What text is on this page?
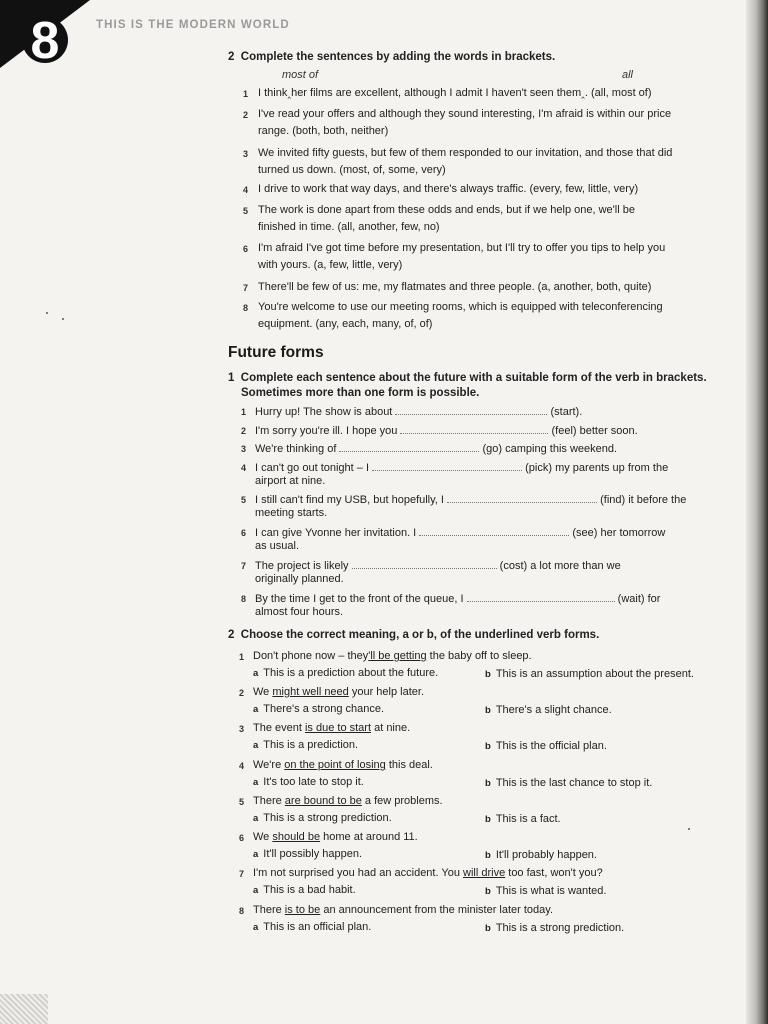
8	THIS IS THE MODERN WORLD
2 Complete the sentences by adding the words in brackets.
most of	all
1 I think‸her films are excellent, although I admit I haven't seen them‸. (all, most of)
2 I've read your offers and although they sound interesting, I'm afraid is within our price
range. (both, both, neither)
3 We invited fifty guests, but few of them responded to our invitation, and those that did
turned us down. (most, of, some, very)
4 I drive to work that way days, and there's always traffic. (every, few, little, very)
5 The work is done apart from these odds and ends, but if we help one, we'll be
finished in time. (all, another, few, no)
6 I'm afraid I've got time before my presentation, but I'll try to offer you tips to help you
with yours. (a, few, little, very)
7 There'll be few of us: me, my flatmates and three people. (a, another, both, quite)
8 You're welcome to use our meeting rooms, which is equipped with teleconferencing
equipment. (any, each, many, of, of)
Future forms
1 Complete each sentence about the future with a suitable form of the verb in brackets.
Sometimes more than one form is possible.
1 Hurry up! The show is about	(start).
2 I'm sorry you're ill. I hope you	(feel) better soon.
3 We're thinking of	(go) camping this weekend.
4 I can't go out tonight – I	(pick) my parents up from the
airport at nine.
5 I still can't find my USB, but hopefully, I	(find) it before the
meeting starts.
6 I can give Yvonne her invitation. I	(see) her tomorrow
as usual.
7 The project is likely	(cost) a lot more than we
originally planned.
8 By the time I get to the front of the queue, I	(wait) for
almost four hours.
2 Choose the correct meaning, a or b, of the underlined verb forms.
1 Don't phone now – they'll be getting the baby off to sleep.
a This is a prediction about the future.	b This is an assumption about the present.
2 We might well need your help later.
a There's a strong chance.	b There's a slight chance.
3 The event is due to start at nine.
a This is a prediction.	b This is the official plan.
4 We're on the point of losing this deal.
a It's too late to stop it.	b This is the last chance to stop it.
5 There are bound to be a few problems.
a This is a strong prediction.	b This is a fact.
6 We should be home at around 11.
a It'll possibly happen.	b It'll probably happen.
7 I'm not surprised you had an accident. You will drive too fast, won't you?
a This is a bad habit.	b This is what is wanted.
8 There is to be an announcement from the minister later today.
a This is an official plan.	b This is a strong prediction.
